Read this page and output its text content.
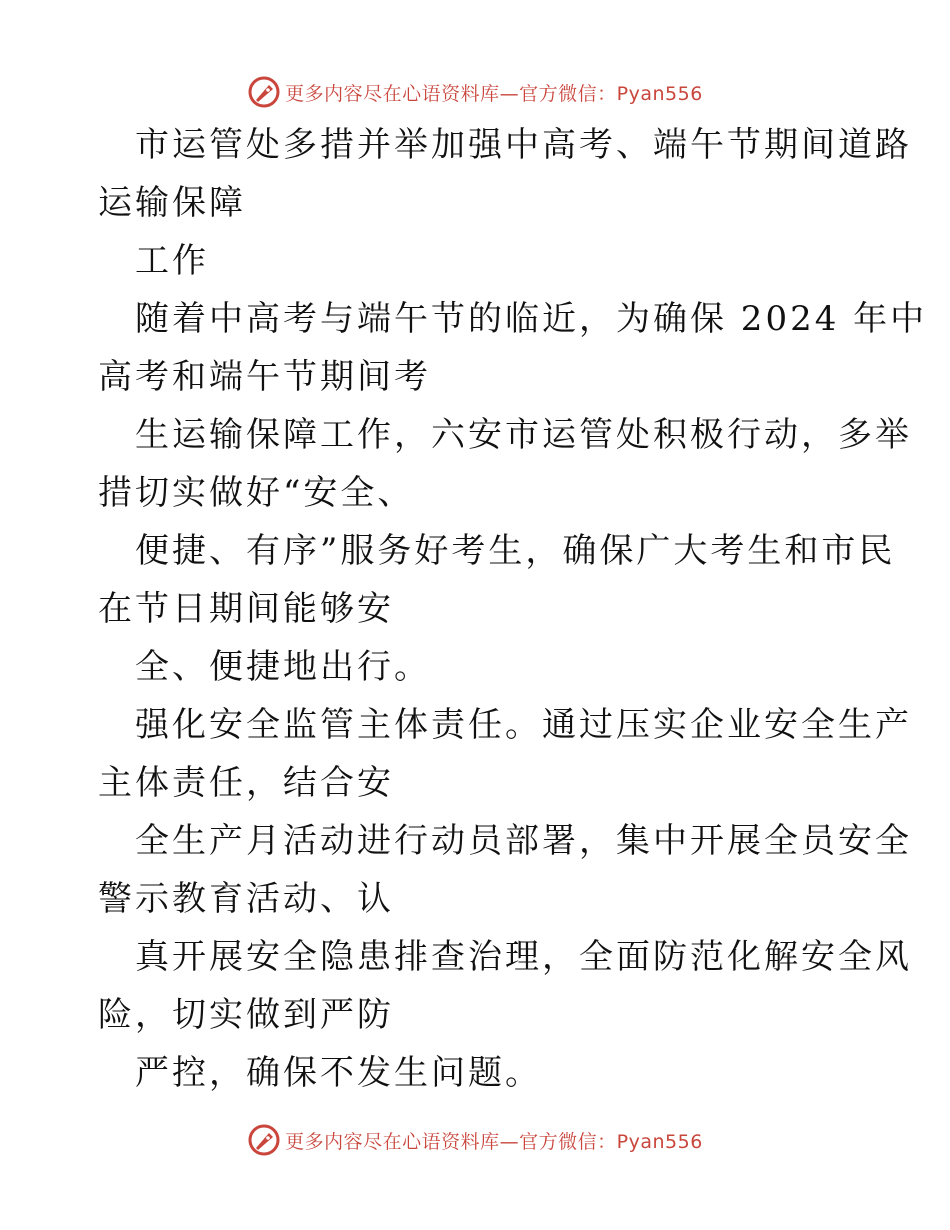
更多内容尽在心语资料库—官方微信：Pyan556
市运管处多措并举加强中高考、端午节期间道路
运输保障
工作
随着中高考与端午节的临近，为确保 2024 年中
高考和端午节期间考
生运输保障工作，六安市运管处积极行动，多举
措切实做好“安全、
便捷、有序”服务好考生，确保广大考生和市民
在节日期间能够安
全、便捷地出行。
强化安全监管主体责任。通过压实企业安全生产
主体责任，结合安
全生产月活动进行动员部署，集中开展全员安全
警示教育活动、认
真开展安全隐患排查治理，全面防范化解安全风
险，切实做到严防
严控，确保不发生问题。
更多内容尽在心语资料库—官方微信：Pyan556
